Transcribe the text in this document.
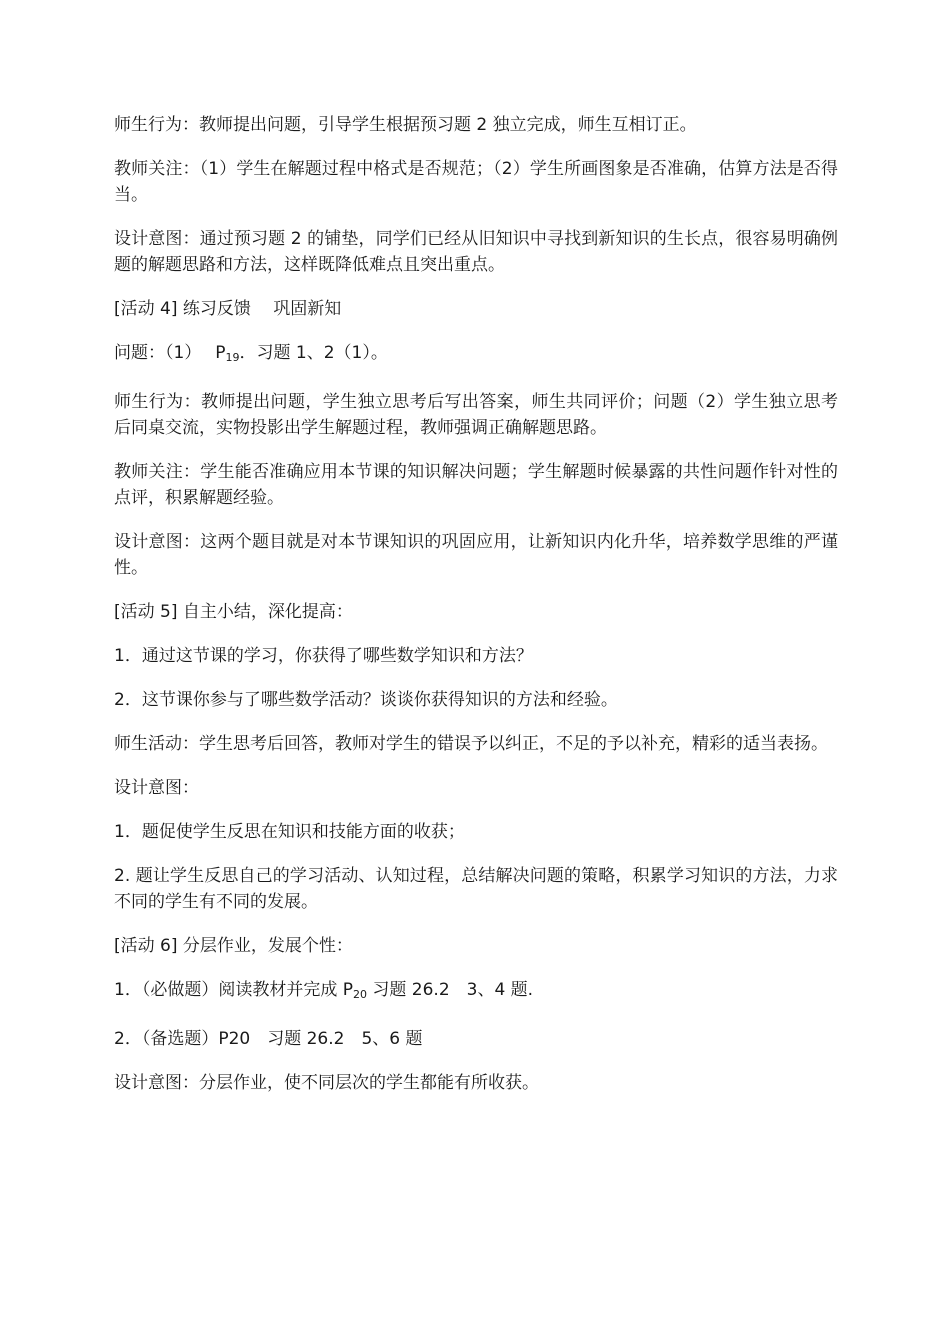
师生行为：教师提出问题，引导学生根据预习题 2 独立完成，师生互相订正。

教师关注：（1）学生在解题过程中格式是否规范；（2）学生所画图象是否准确，估算方法是否得当。

设计意图：通过预习题 2 的铺垫，同学们已经从旧知识中寻找到新知识的生长点，很容易明确例题的解题思路和方法，这样既降低难点且突出重点。

[活动 4] 练习反馈　 巩固新知

问题：（1）　 $P_{19}$．习题 1、2（1）。

师生行为：教师提出问题，学生独立思考后写出答案，师生共同评价；问题（2）学生独立思考后同桌交流，实物投影出学生解题过程，教师强调正确解题思路。

教师关注：学生能否准确应用本节课的知识解决问题；学生解题时候暴露的共性问题作针对性的点评，积累解题经验。

设计意图：这两个题目就是对本节课知识的巩固应用，让新知识内化升华，培养数学思维的严谨性。

[活动 5] 自主小结，深化提高：

1．通过这节课的学习，你获得了哪些数学知识和方法？

2．这节课你参与了哪些数学活动？谈谈你获得知识的方法和经验。

师生活动：学生思考后回答，教师对学生的错误予以纠正，不足的予以补充，精彩的适当表扬。

设计意图：

1．题促使学生反思在知识和技能方面的收获；

2. 题让学生反思自己的学习活动、认知过程，总结解决问题的策略，积累学习知识的方法，力求不同的学生有不同的发展。

[活动 6] 分层作业，发展个性：

1．（必做题）阅读教材并完成 $P_{20}$ 习题 26.2　3、4 题.

2．（备选题）P20　习题 26.2　5、6 题

设计意图：分层作业，使不同层次的学生都能有所收获。
